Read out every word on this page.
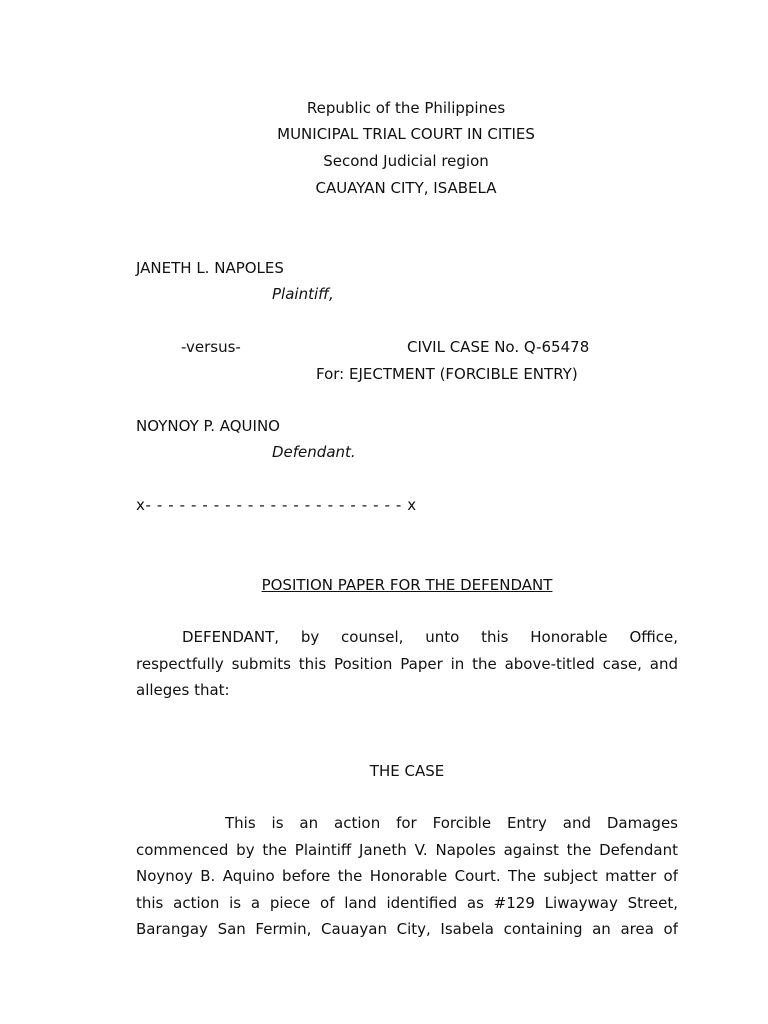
Republic of the Philippines
MUNICIPAL TRIAL COURT IN CITIES
Second Judicial region
CAUAYAN CITY, ISABELA
JANETH L. NAPOLES
Plaintiff,
-versus-	CIVIL CASE No. Q-65478
For: EJECTMENT (FORCIBLE ENTRY)
NOYNOY P. AQUINO
Defendant.
x- - - - - - - - - - - - - - - - - - - - - - - x
POSITION PAPER FOR THE DEFENDANT
DEFENDANT, by counsel, unto this Honorable Office,
respectfully submits this Position Paper in the above-titled case, and
alleges that:
THE CASE
This is an action for Forcible Entry and Damages
commenced by the Plaintiff Janeth V. Napoles against the Defendant
Noynoy B. Aquino before the Honorable Court. The subject matter of
this action is a piece of land identified as #129 Liwayway Street,
Barangay San Fermin, Cauayan City, Isabela containing an area of
